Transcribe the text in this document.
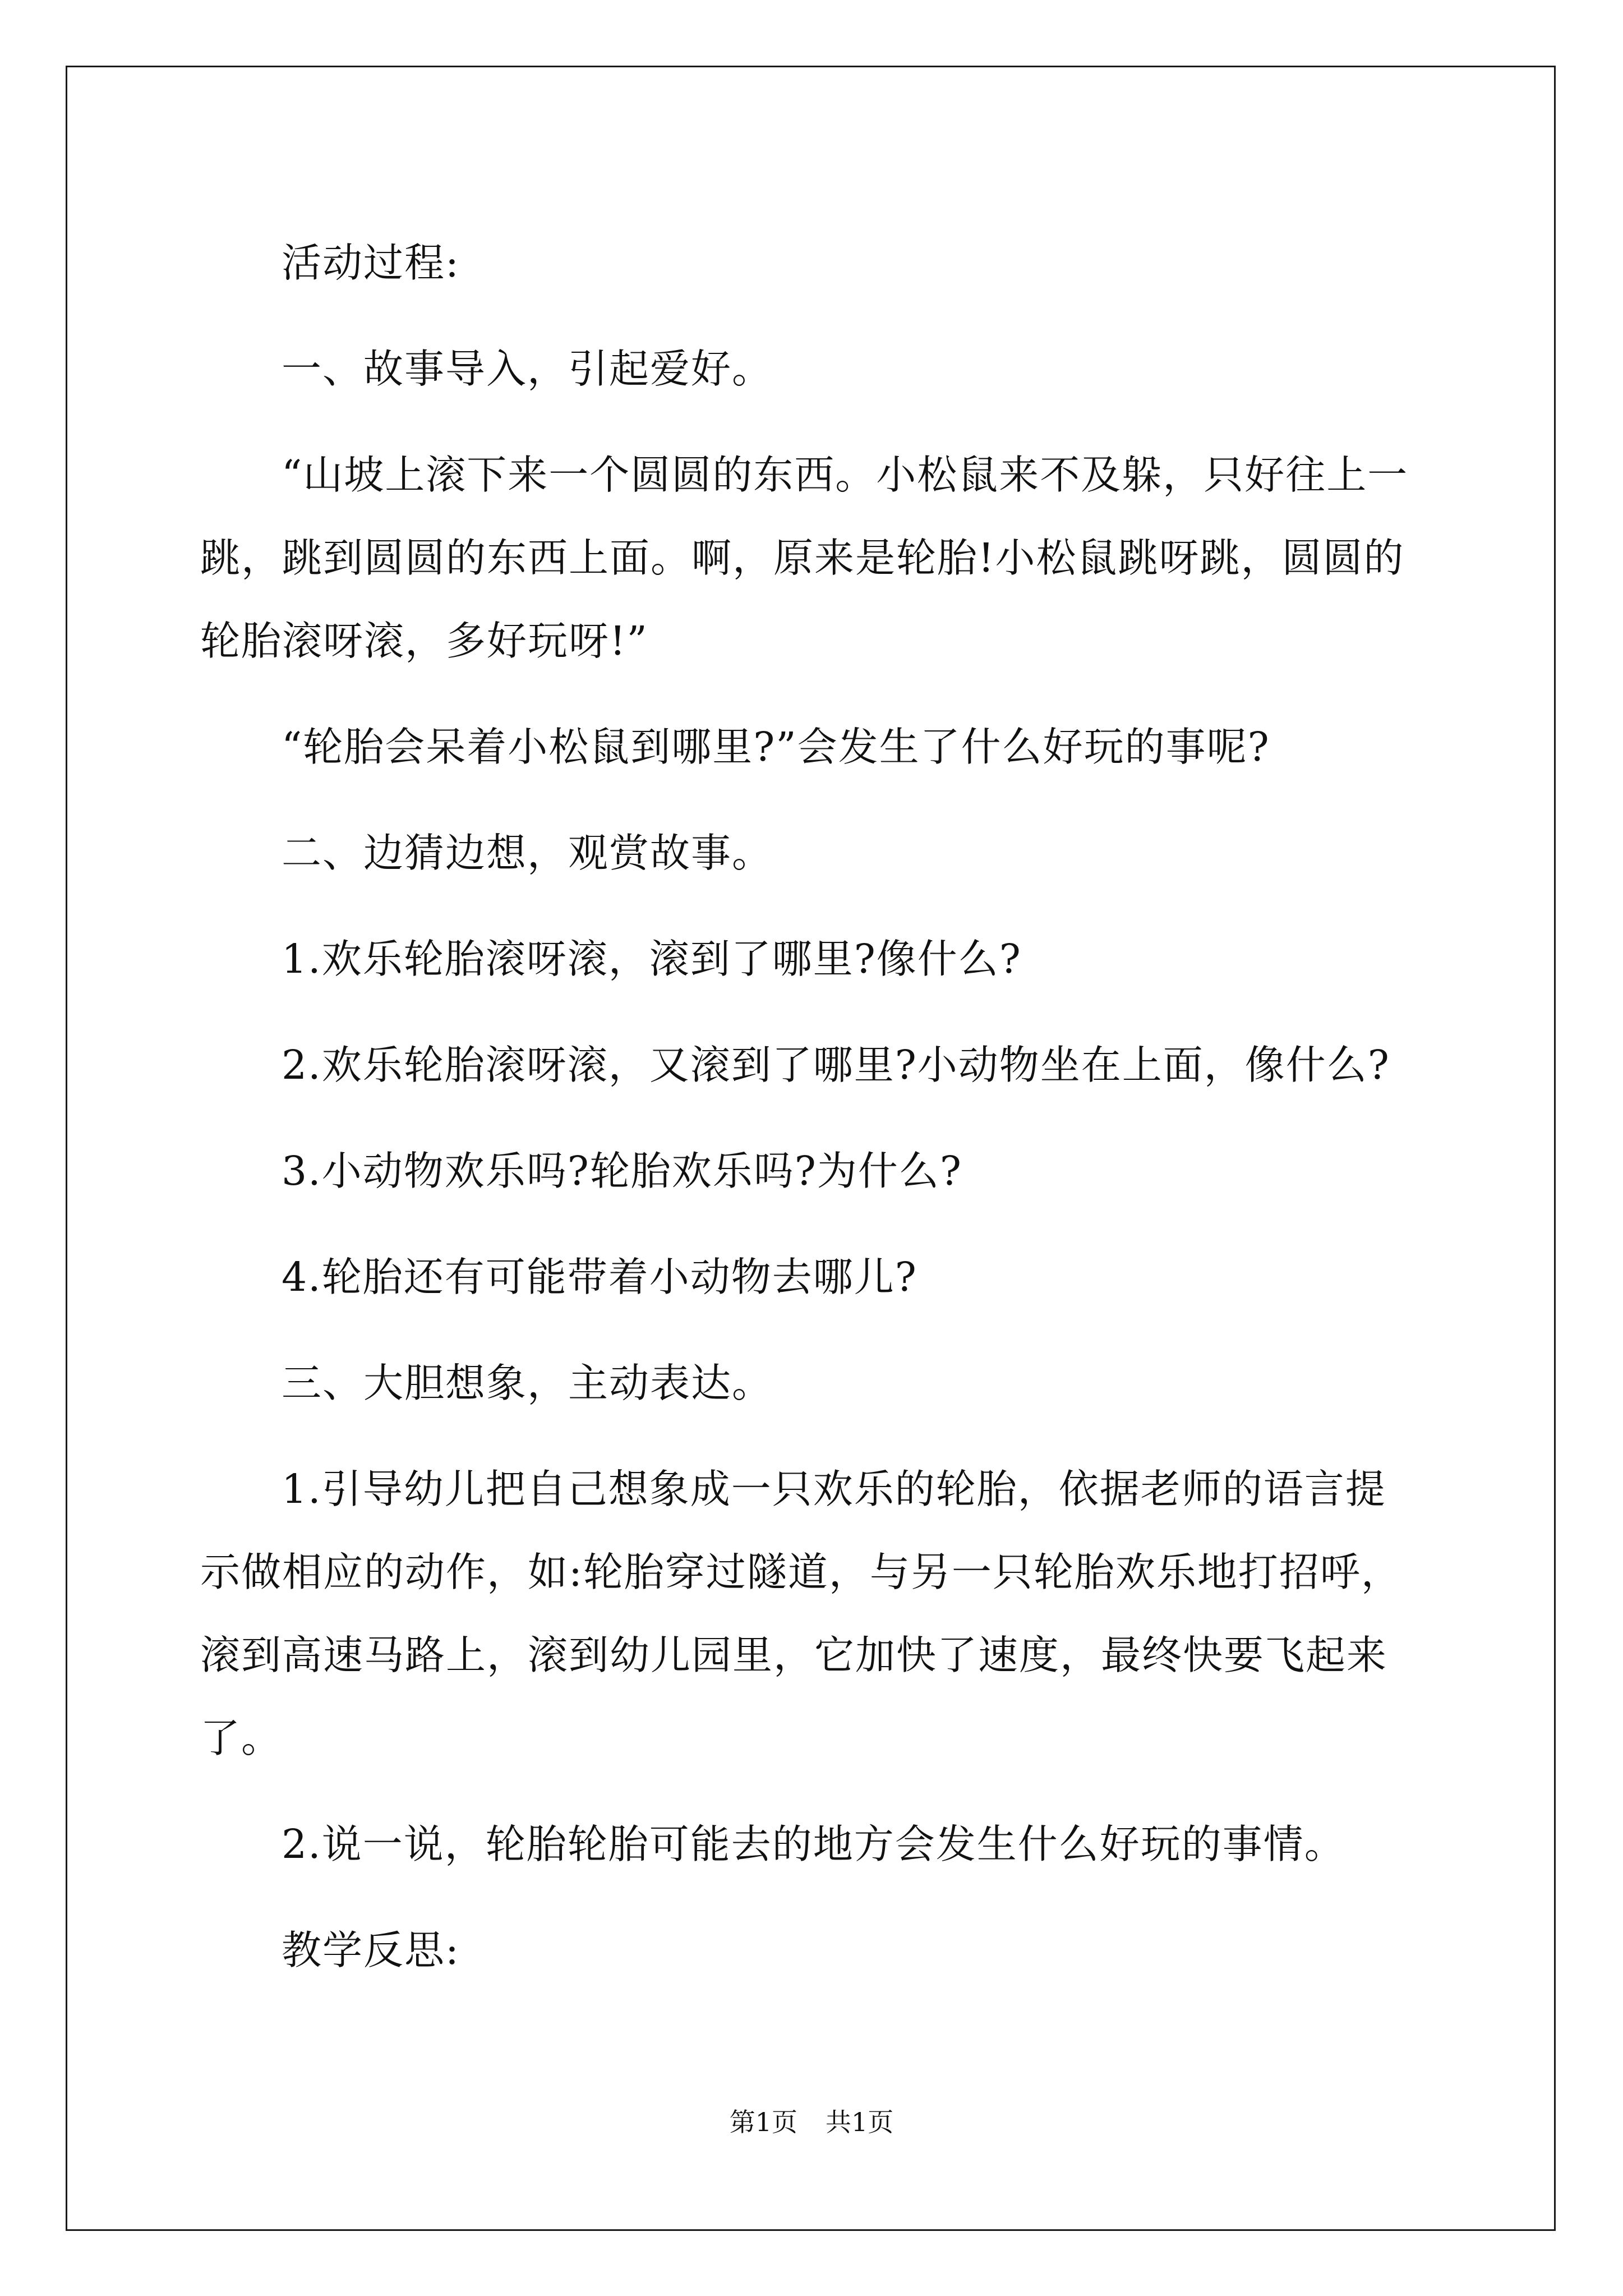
活动过程:

一、故事导入，引起爱好。

“山坡上滚下来一个圆圆的东西。小松鼠来不及躲，只好往上一跳，跳到圆圆的东西上面。啊，原来是轮胎!小松鼠跳呀跳，圆圆的轮胎滚呀滚，多好玩呀!”

“轮胎会呆着小松鼠到哪里?”会发生了什么好玩的事呢?

二、边猜边想，观赏故事。

1.欢乐轮胎滚呀滚，滚到了哪里?像什么?

2.欢乐轮胎滚呀滚，又滚到了哪里?小动物坐在上面，像什么?

3.小动物欢乐吗?轮胎欢乐吗?为什么?

4.轮胎还有可能带着小动物去哪儿?

三、大胆想象，主动表达。

1.引导幼儿把自己想象成一只欢乐的轮胎，依据老师的语言提示做相应的动作，如:轮胎穿过隧道，与另一只轮胎欢乐地打招呼，滚到高速马路上，滚到幼儿园里，它加快了速度，最终快要飞起来了。

2.说一说，轮胎轮胎可能去的地方会发生什么好玩的事情。

教学反思:

第1页 共1页
